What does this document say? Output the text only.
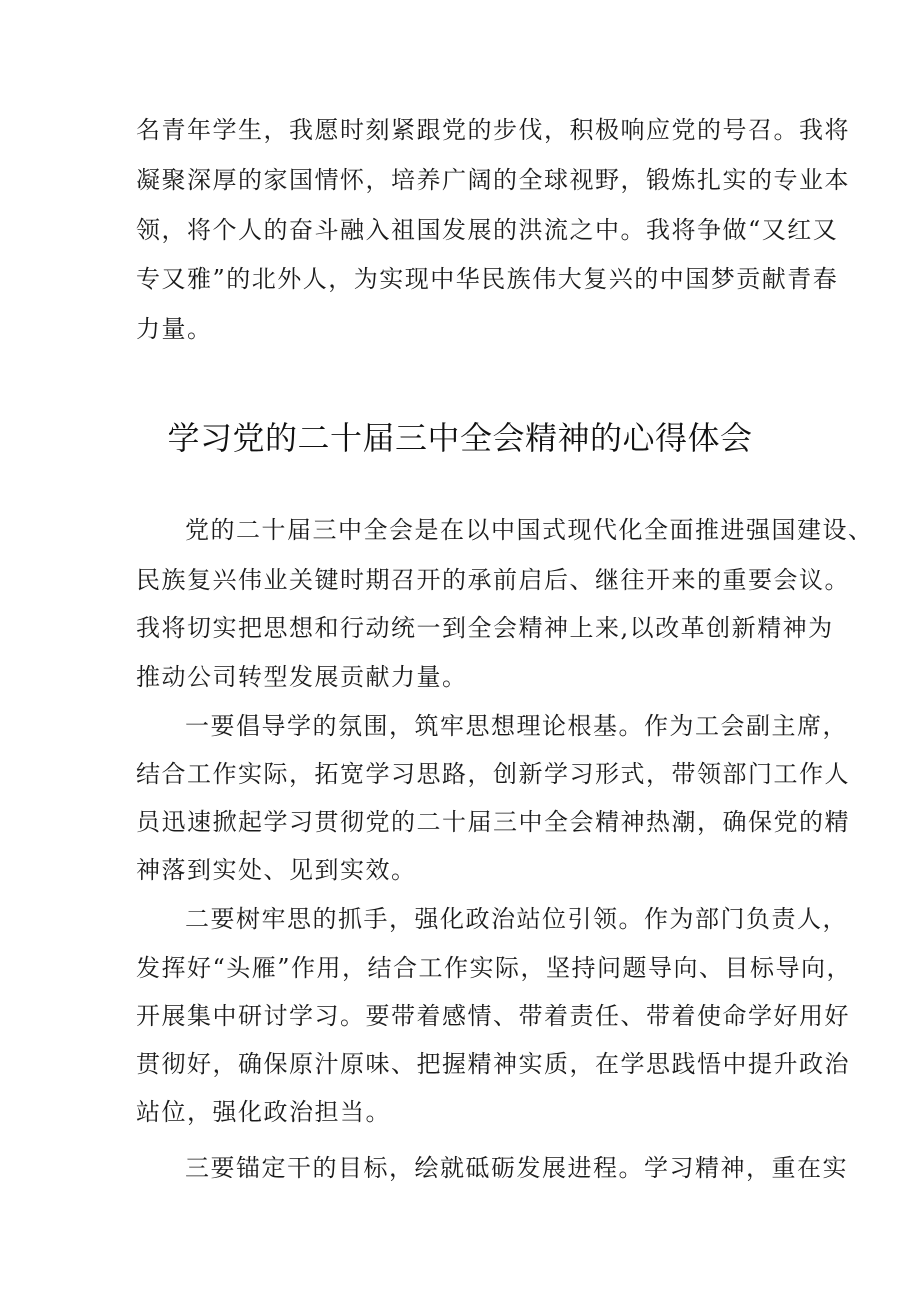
名青年学生，我愿时刻紧跟党的步伐，积极响应党的号召。我将
凝聚深厚的家国情怀，培养广阔的全球视野，锻炼扎实的专业本
领，将个人的奋斗融入祖国发展的洪流之中。我将争做“又红又
专又雅”的北外人，为实现中华民族伟大复兴的中国梦贡献青春
力量。
学习党的二十届三中全会精神的心得体会
党的二十届三中全会是在以中国式现代化全面推进强国建设、
民族复兴伟业关键时期召开的承前启后、继往开来的重要会议。
我将切实把思想和行动统一到全会精神上来,以改革创新精神为
推动公司转型发展贡献力量。
一要倡导学的氛围，筑牢思想理论根基。作为工会副主席，
结合工作实际，拓宽学习思路，创新学习形式，带领部门工作人
员迅速掀起学习贯彻党的二十届三中全会精神热潮，确保党的精
神落到实处、见到实效。
二要树牢思的抓手，强化政治站位引领。作为部门负责人，
发挥好“头雁”作用，结合工作实际，坚持问题导向、目标导向，
开展集中研讨学习。要带着感情、带着责任、带着使命学好用好
贯彻好，确保原汁原味、把握精神实质，在学思践悟中提升政治
站位，强化政治担当。
三要锚定干的目标，绘就砥砺发展进程。学习精神，重在实
